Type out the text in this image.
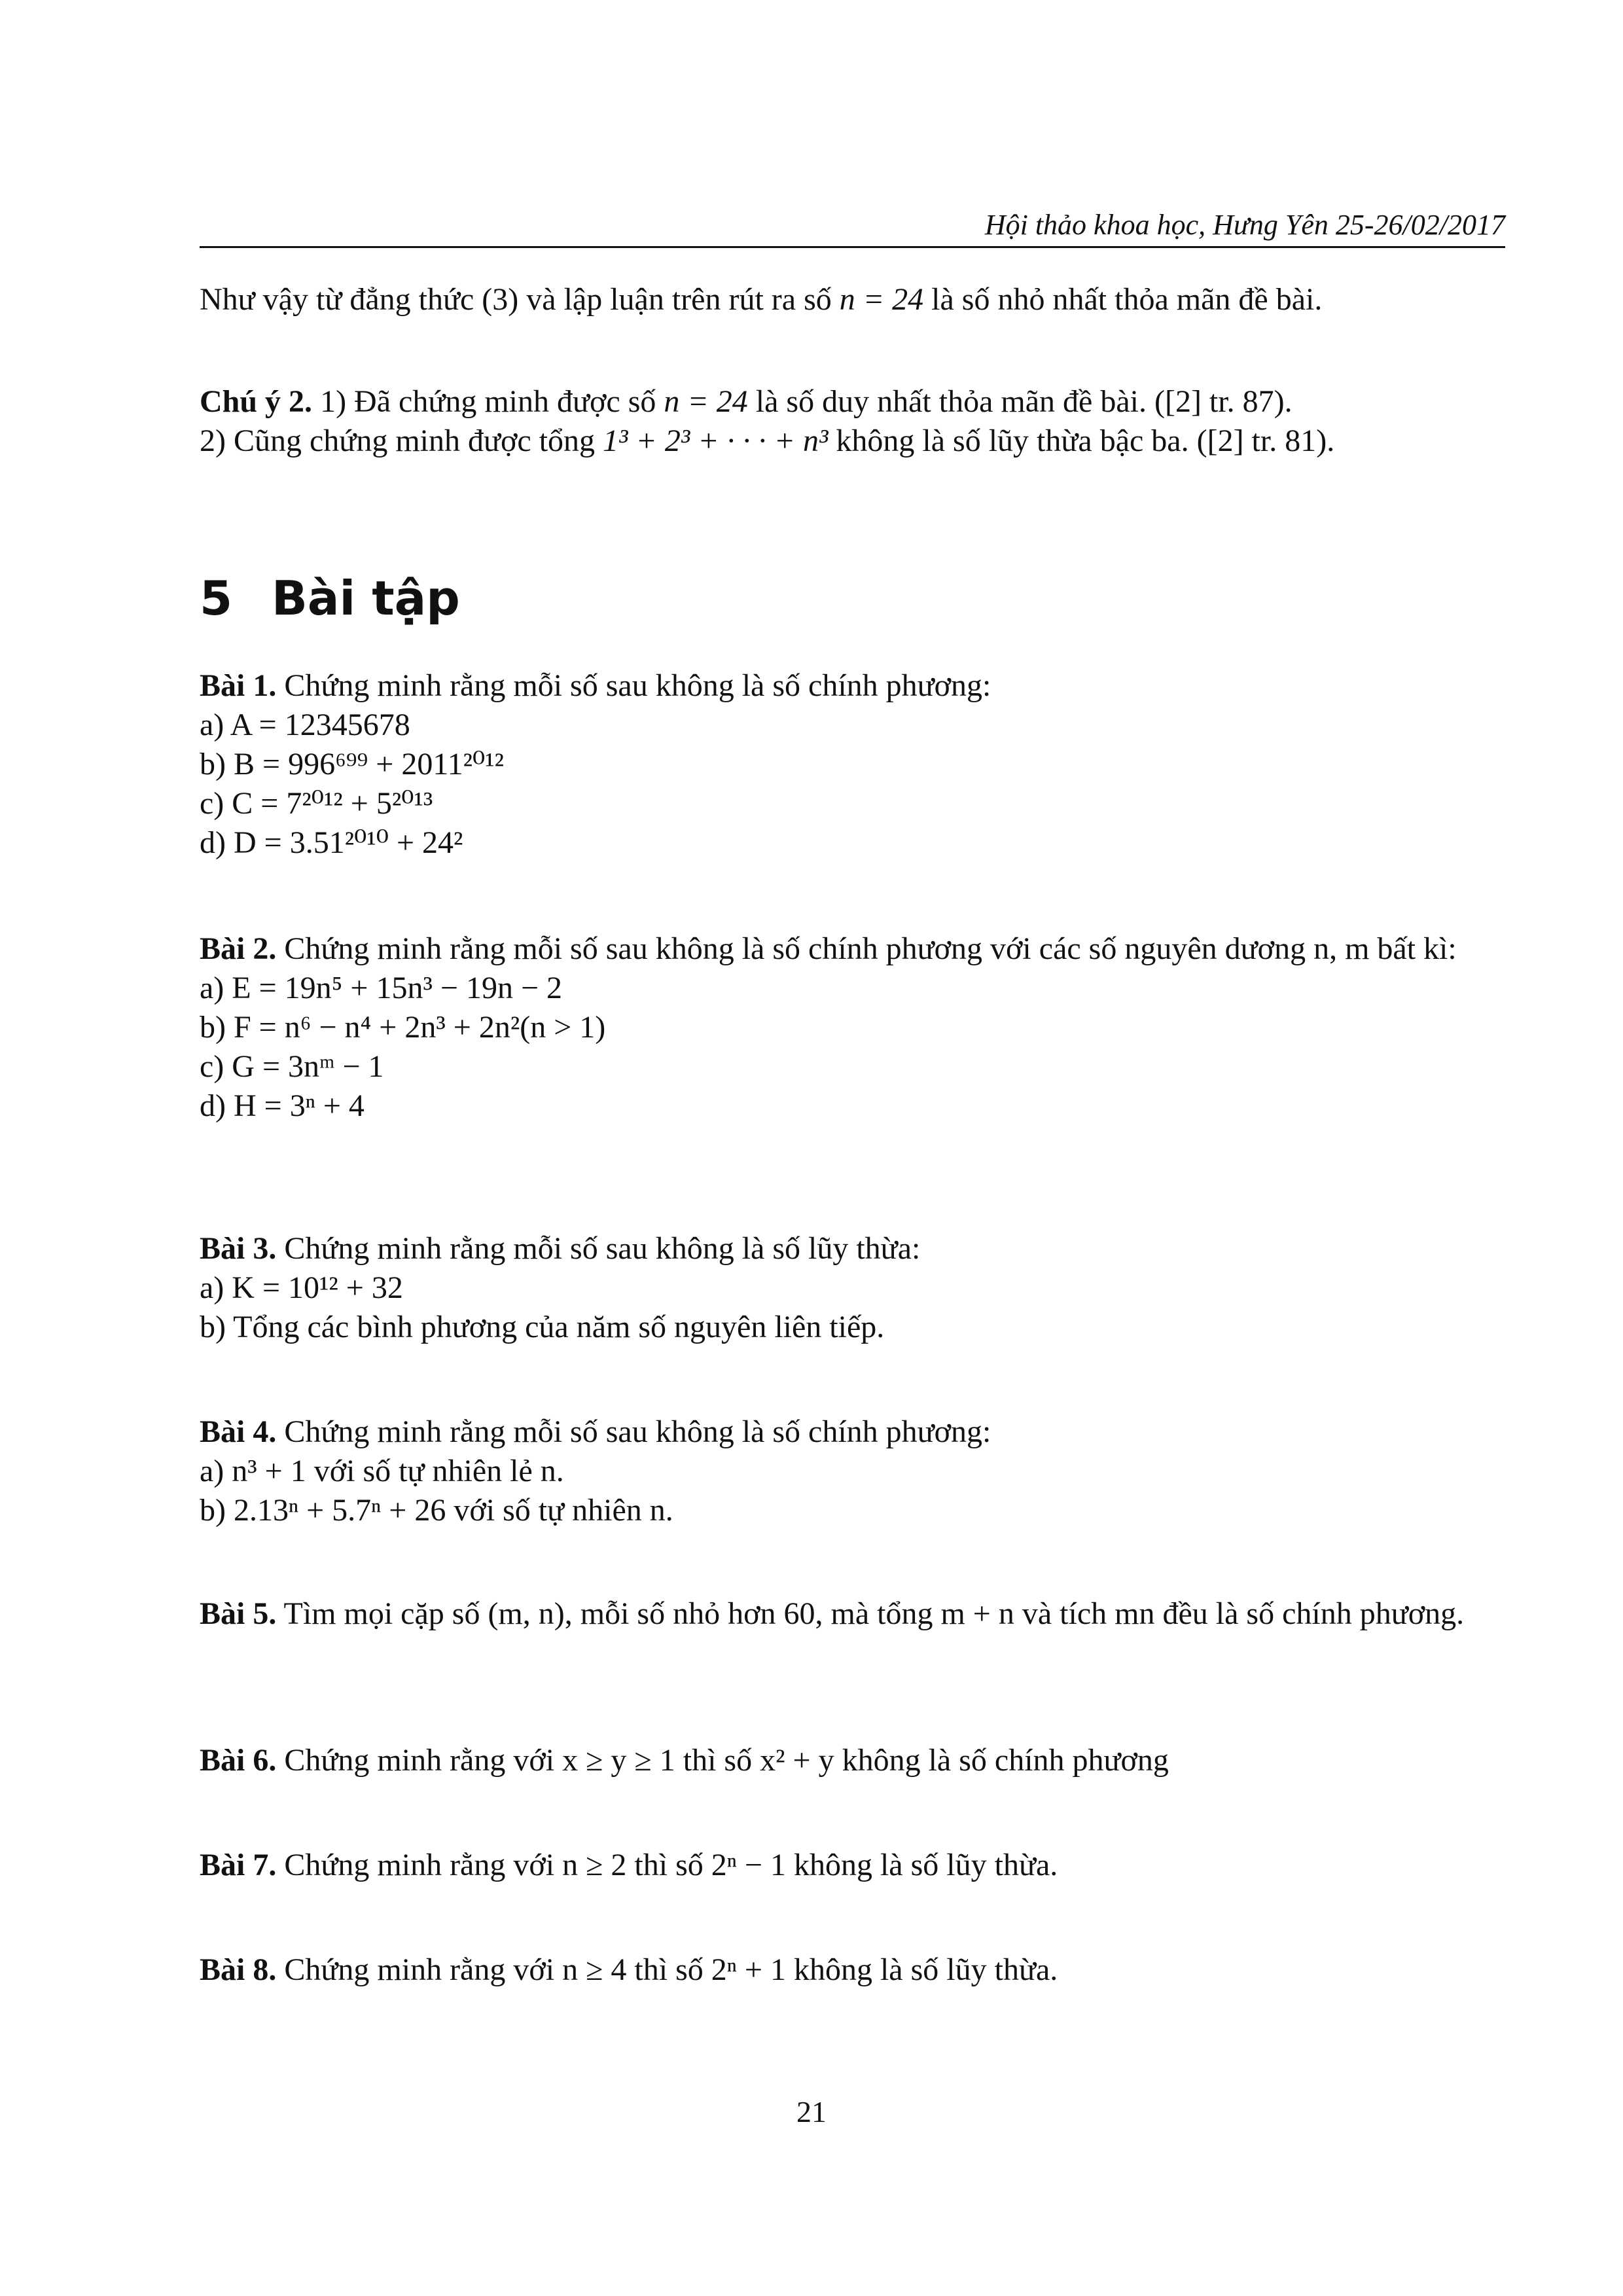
Hội thảo khoa học, Hưng Yên 25-26/02/2017
Như vậy từ đẳng thức (3) và lập luận trên rút ra số n = 24 là số nhỏ nhất thỏa mãn đề bài.
Chú ý 2. 1) Đã chứng minh được số n = 24 là số duy nhất thỏa mãn đề bài. ([2] tr. 87).
2) Cũng chứng minh được tổng 1³ + 2³ + · · · + n³ không là số lũy thừa bậc ba. ([2] tr. 81).
5 Bài tập
Bài 1. Chứng minh rằng mỗi số sau không là số chính phương:
a) A = 12345678
b) B = 996⁶⁹⁹ + 2011²⁰¹²
c) C = 7²⁰¹² + 5²⁰¹³
d) D = 3.51²⁰¹⁰ + 24²
Bài 2. Chứng minh rằng mỗi số sau không là số chính phương với các số nguyên dương n, m bất kì:
a) E = 19n⁵ + 15n³ − 19n − 2
b) F = n⁶ − n⁴ + 2n³ + 2n²(n > 1)
c) G = 3nᵐ − 1
d) H = 3ⁿ + 4
Bài 3. Chứng minh rằng mỗi số sau không là số lũy thừa:
a) K = 10¹² + 32
b) Tổng các bình phương của năm số nguyên liên tiếp.
Bài 4. Chứng minh rằng mỗi số sau không là số chính phương:
a) n³ + 1 với số tự nhiên lẻ n.
b) 2.13ⁿ + 5.7ⁿ + 26 với số tự nhiên n.
Bài 5. Tìm mọi cặp số (m, n), mỗi số nhỏ hơn 60, mà tổng m + n và tích mn đều là số chính phương.
Bài 6. Chứng minh rằng với x ≥ y ≥ 1 thì số x² + y không là số chính phương
Bài 7. Chứng minh rằng với n ≥ 2 thì số 2ⁿ − 1 không là số lũy thừa.
Bài 8. Chứng minh rằng với n ≥ 4 thì số 2ⁿ + 1 không là số lũy thừa.
21
